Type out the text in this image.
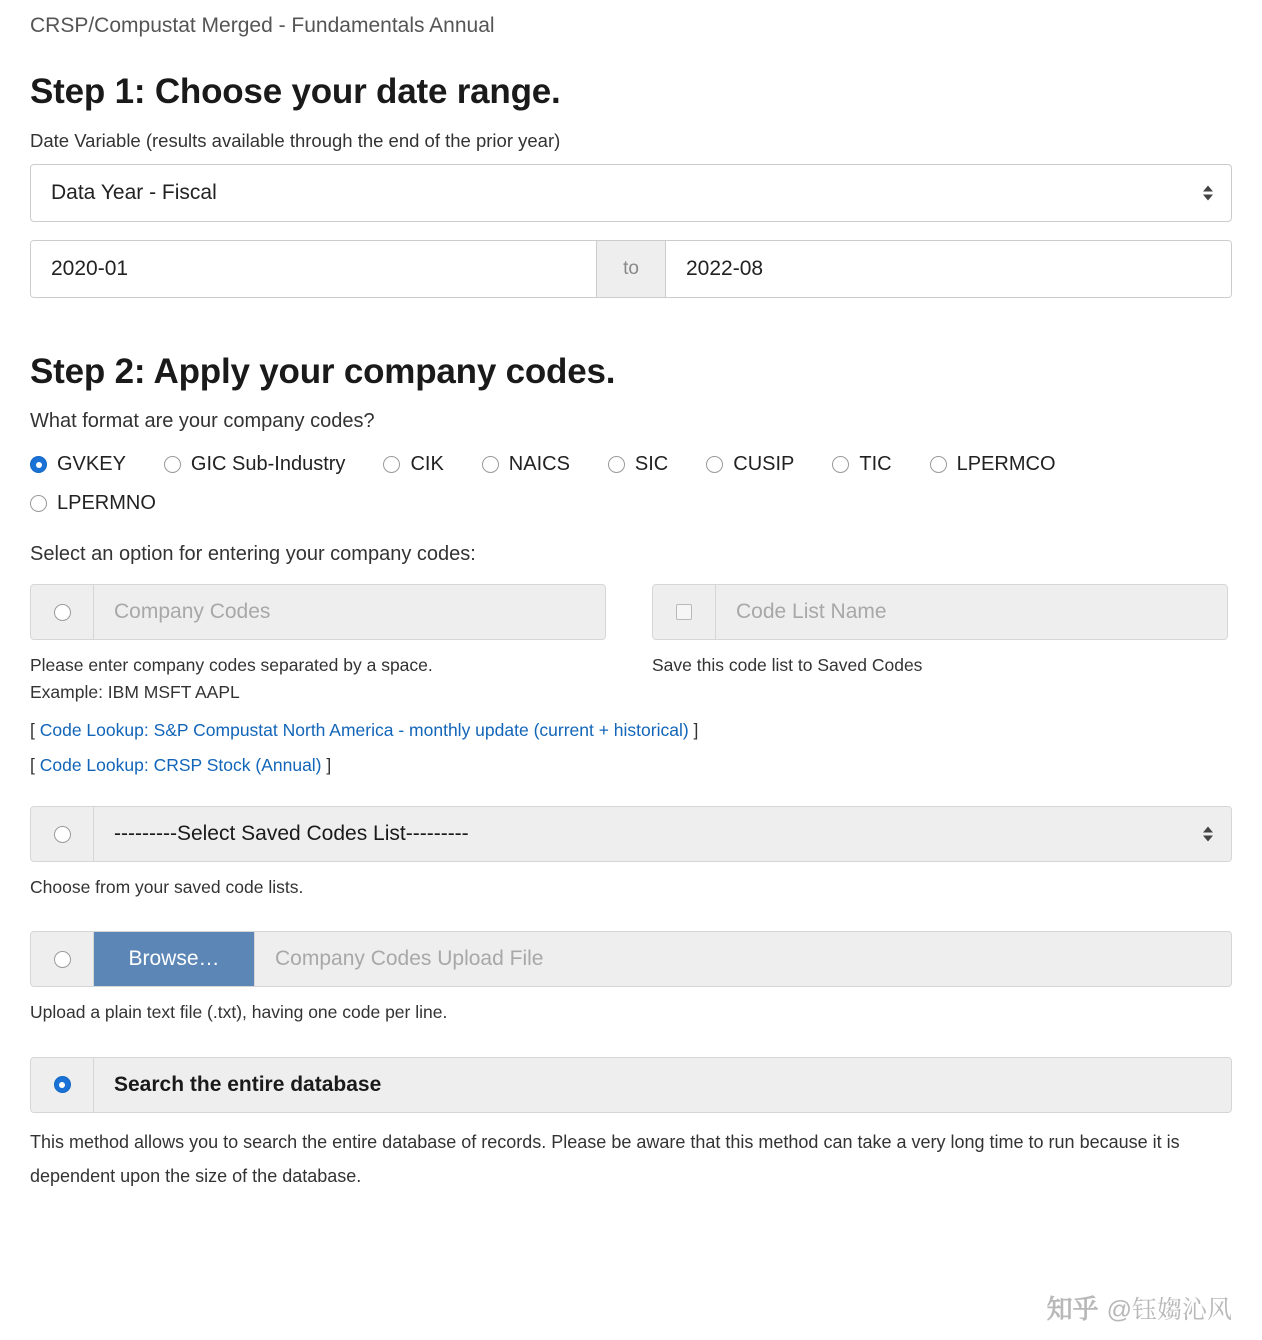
CRSP/Compustat Merged - Fundamentals Annual
Step 1: Choose your date range.
Date Variable (results available through the end of the prior year)
Data Year - Fiscal
2020-01	to	2022-08
Step 2: Apply your company codes.
What format are your company codes?
GVKEY	GIC Sub-Industry	CIK	NAICS	SIC	CUSIP	TIC	LPERMCO
LPERMNO
Select an option for entering your company codes:
Company Codes
Please enter company codes separated by a space.
Example: IBM MSFT AAPL
Code List Name
Save this code list to Saved Codes
[ Code Lookup: S&P Compustat North America - monthly update (current + historical) ]
[ Code Lookup: CRSP Stock (Annual) ]
---------Select Saved Codes List---------
Choose from your saved code lists.
Browse…	Company Codes Upload File
Upload a plain text file (.txt), having one code per line.
Search the entire database
This method allows you to search the entire database of records. Please be aware that this method can take a very long time to run because it is dependent upon the size of the database.
知乎 @钰媰沁风
